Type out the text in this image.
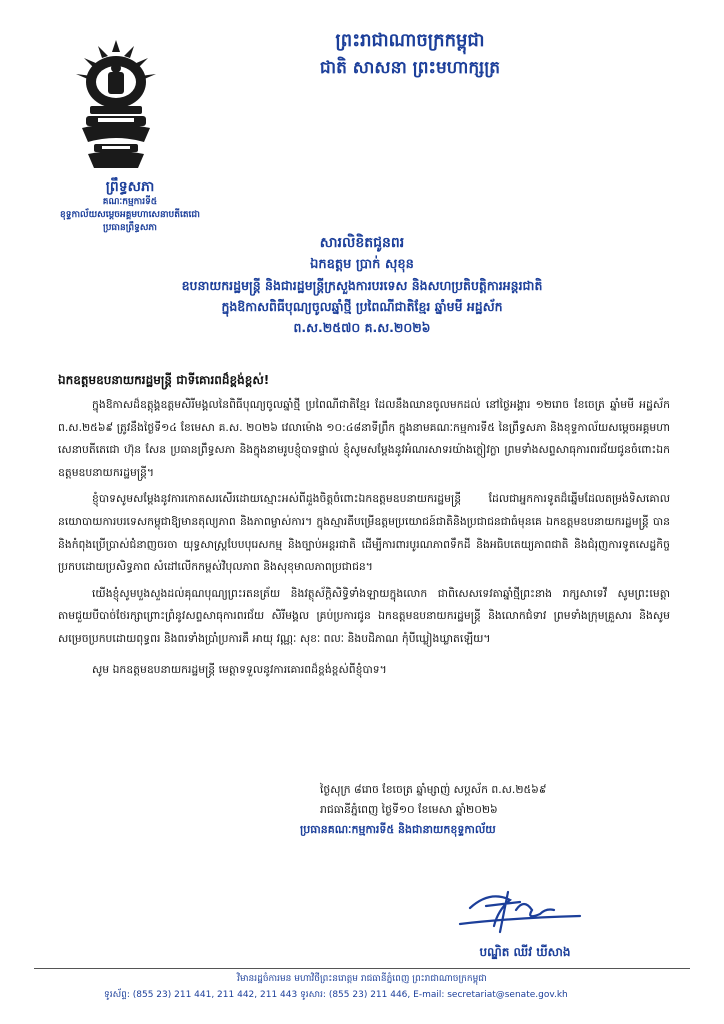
ព្រះរាជាណាចក្រកម្ពុជា
ជាតិ សាសនា ព្រះមហាក្សត្រ
ព្រឹទ្ធសភា
គណៈកម្មការទី៥
ខុទ្ទកាល័យសម្ដេចអគ្គមហាសេនាបតីតេជោ
ប្រធានព្រឹទ្ធសភា
សារលិខិតជូនពរ
ឯកឧត្តម ប្រាក់ សុខុន
ឧបនាយករដ្ឋមន្ត្រី និងជារដ្ឋមន្ត្រីក្រសួងការបរទេស និងសហប្រតិបត្តិការអន្តរជាតិ
ក្នុងឱកាសពិធីបុណ្យចូលឆ្នាំថ្មី ប្រពៃណីជាតិខ្មែរ ឆ្នាំមមី អដ្ឋស័ក
ព.ស.២៥៧០ គ.ស.២០២៦
ឯកឧត្តមឧបនាយករដ្ឋមន្ត្រី ជាទីគោរពដ៏ខ្ពង់ខ្ពស់!

ក្នុងឱកាសដ៏ឧត្តុង្គឧត្តមសិរីមង្គលនៃពិធីបុណ្យចូលឆ្នាំថ្មី ប្រពៃណីជាតិខ្មែរ ដែលនឹងឈានចូលមកដល់ នៅថ្ងៃអង្គារ ១២រោច ខែចេត្រ ឆ្នាំមមី អដ្ឋស័ក ព.ស.២៥៦៩ ត្រូវនឹងថ្ងៃទី១៤ ខែមេសា គ.ស. ២០២៦ វេលាម៉ោង ១០:៤៨នាទីព្រឹក ក្នុងនាមគណៈកម្មការទី៥ នៃព្រឹទ្ធសភា និងខុទ្ទកាល័យសម្ដេចអគ្គមហាសេនាបតីតេជោ ហ៊ុន សែន ប្រធានព្រឹទ្ធសភា និងក្នុងនាមរូបខ្ញុំបាទផ្ទាល់ ខ្ញុំសូមសម្ដែងនូវអំណរសាទរយ៉ាងក្លៀវក្លា ព្រមទាំងសព្ទសាធុការពរជ័យជូនចំពោះឯកឧត្តមឧបនាយករដ្ឋមន្ត្រី។

ខ្ញុំបាទសូមសម្ដែងនូវការកោតសរសើរដោយស្មោះអស់ពីដួងចិត្តចំពោះឯកឧត្តមឧបនាយករដ្ឋមន្ត្រី ដែលជាអ្នកការទូតដ៏ឆ្នើមដែលតម្រង់ទិសគោលនយោបាយការបរទេសកម្ពុជាឱ្យមានតុល្យភាព និងភាពម្ចាស់ការ។ ក្នុងស្មារតីបម្រើឧត្តមប្រយោជន៍ជាតិនិងប្រជាជនជាធំមុនគេ ឯកឧត្តមឧបនាយករដ្ឋមន្ត្រី បាននិងកំពុងប្រើប្រាស់ជំនាញចរចា យុទ្ធសាស្ត្របែបបុរេសកម្ម និងច្បាប់អន្តរជាតិ ដើម្បីការពារបូរណភាពទឹកដី និងអធិបតេយ្យភាពជាតិ និងជំរុញការទូតសេដ្ឋកិច្ចប្រកបដោយប្រសិទ្ធភាព សំដៅលើកកម្ពស់វិបុលភាព និងសុខុមាលភាពប្រជាជន។

យើងខ្ញុំសូមបួងសួងដល់គុណបុណ្យព្រះរតនត្រ័យ និងវត្ថុស័ក្តិសិទ្ធិទាំងឡាយក្នុងលោក ជាពិសេសទេវតាឆ្នាំថ្មីព្រះនាង រាក្សសាទេវី សូមព្រះមេត្តាតាមជួយបីបាច់ថែរក្សាព្រោះព្រំនូវសព្ទសាធុការពរជ័យ សិរីមង្គល គ្រប់ប្រការជូន ឯកឧត្តមឧបនាយករដ្ឋមន្ត្រី និងលោកជំទាវ ព្រមទាំងក្រុមគ្រួសារ និងសូមសម្រេចប្រកបដោយពុទ្ធពរ និងពរទាំងប្រាំប្រការគឺ អាយុ វណ្ណៈ សុខៈ ពលៈ និងបដិភាណ កុំបីឃ្លៀងឃ្លាតឡើយ។

សូម ឯកឧត្តមឧបនាយករដ្ឋមន្ត្រី មេត្តាទទួលនូវការគោរពដ៏ខ្ពង់ខ្ពស់ពីខ្ញុំបាទ។

ថ្ងៃសុក្រ ៨រោច ខែចេត្រ ឆ្នាំម្សាញ់ សប្តស័ក ព.ស.២៥៦៩
រាជធានីភ្នំពេញ ថ្ងៃទី១០ ខែមេសា ឆ្នាំ២០២៦
ប្រធានគណៈកម្មការទី៥ និងជានាយកខុទ្ទកាល័យ
បណ្ឌិត ឈីវ ឃីសាង
វិមានរដ្ឋចំការមន មហាវិថីព្រះនរោត្តម រាជធានីភ្នំពេញ ព្រះរាជាណាចក្រកម្ពុជា
ទូរស័ព្ទ: (855 23) 211 441, 211 442, 211 443 ទូរសារ: (855 23) 211 446, E-mail: secretariat@senate.gov.kh
